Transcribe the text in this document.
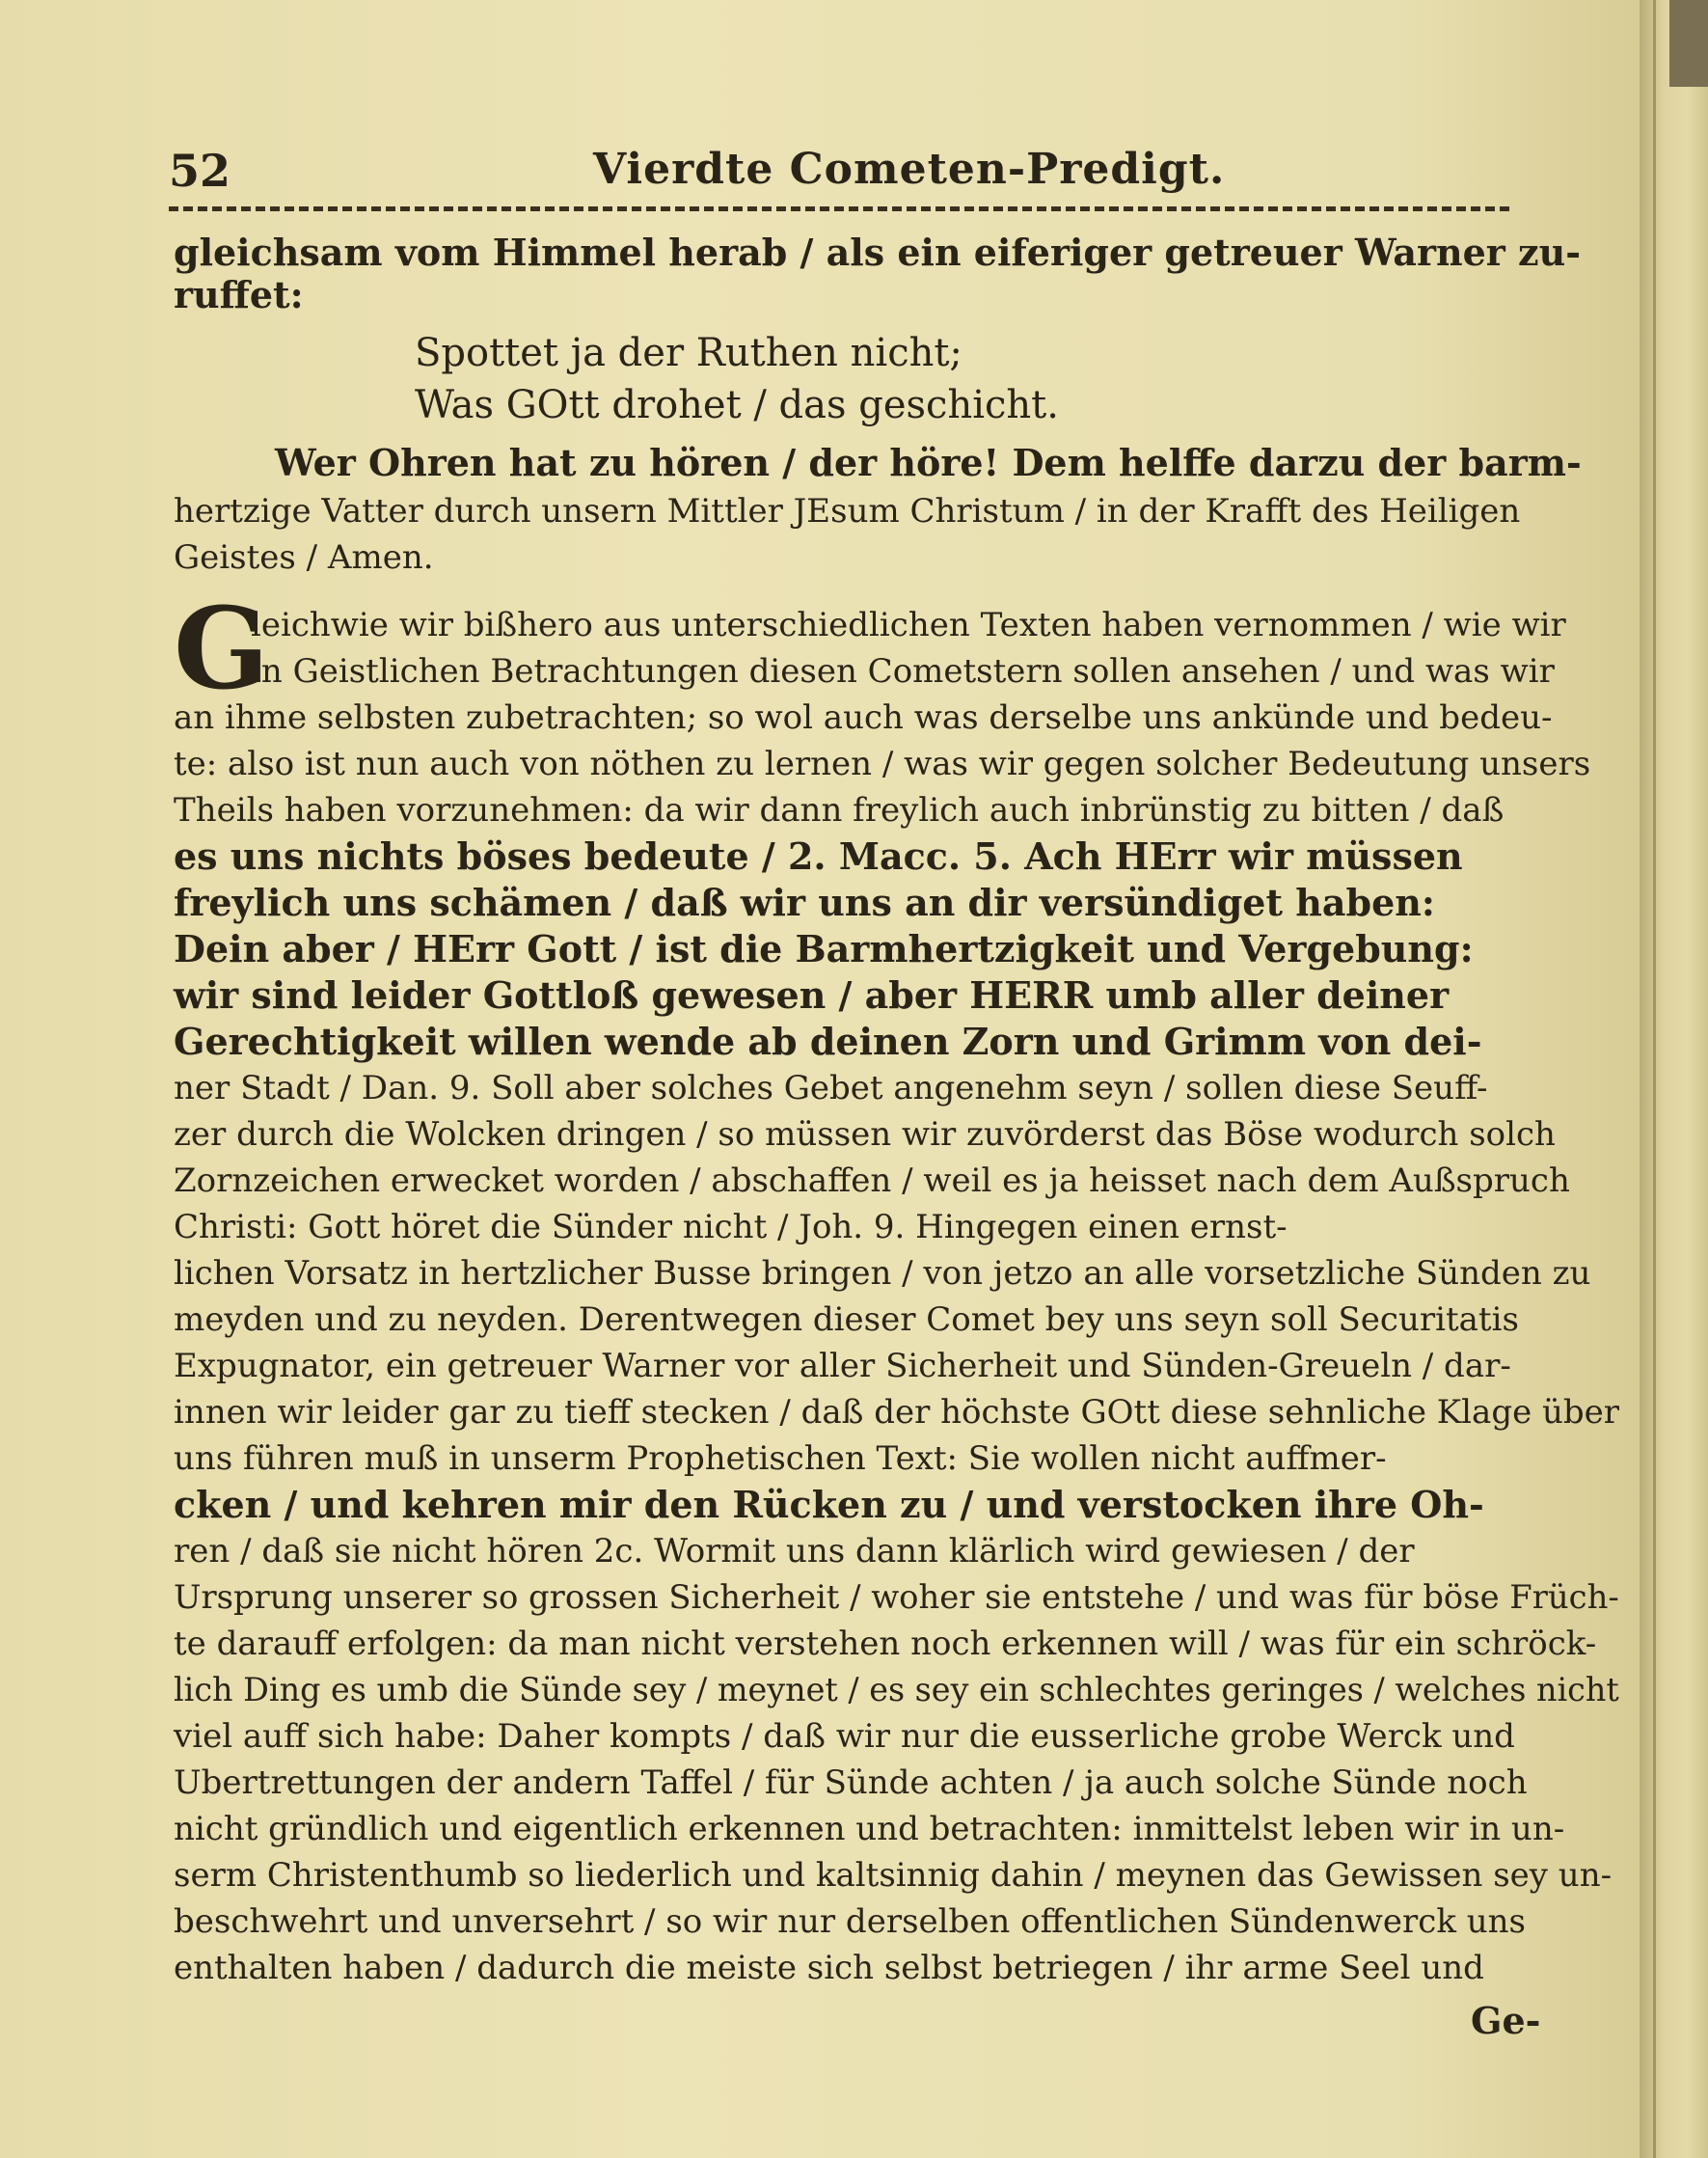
52	Vierdte Cometen-Predigt.
gleichsam vom Himmel herab / als ein eiferiger getreuer Warner zu-
ruffet:
Spottet ja der Ruthen nicht;
Was GOtt drohet / das geschicht.
Wer Ohren hat zu hören / der höre! Dem helffe darzu der barm-
hertzige Vatter durch unsern Mittler JEsum Christum / in der Krafft des Heiligen
Geistes / Amen.
G
leichwie wir bißhero aus unterschiedlichen Texten haben vernommen / wie wir
in Geistlichen Betrachtungen diesen Cometstern sollen ansehen / und was wir
an ihme selbsten zubetrachten; so wol auch was derselbe uns ankünde und bedeu-
te: also ist nun auch von nöthen zu lernen / was wir gegen solcher Bedeutung unsers
Theils haben vorzunehmen: da wir dann freylich auch inbrünstig zu bitten / daß
es uns nichts böses bedeute / 2. Macc. 5. Ach HErr wir müssen
freylich uns schämen / daß wir uns an dir versündiget haben:
Dein aber / HErr Gott / ist die Barmhertzigkeit und Vergebung:
wir sind leider Gottloß gewesen / aber HERR umb aller deiner
Gerechtigkeit willen wende ab deinen Zorn und Grimm von dei-
ner Stadt / Dan. 9. Soll aber solches Gebet angenehm seyn / sollen diese Seuff-
zer durch die Wolcken dringen / so müssen wir zuvörderst das Böse wodurch solch
Zornzeichen erwecket worden / abschaffen / weil es ja heisset nach dem Außspruch
Christi: Gott höret die Sünder nicht / Joh. 9. Hingegen einen ernst-
lichen Vorsatz in hertzlicher Busse bringen / von jetzo an alle vorsetzliche Sünden zu
meyden und zu neyden. Derentwegen dieser Comet bey uns seyn soll Securitatis
Expugnator, ein getreuer Warner vor aller Sicherheit und Sünden-Greueln / dar-
innen wir leider gar zu tieff stecken / daß der höchste GOtt diese sehnliche Klage über
uns führen muß in unserm Prophetischen Text: Sie wollen nicht auffmer-
cken / und kehren mir den Rücken zu / und verstocken ihre Oh-
ren / daß sie nicht hören 2c. Wormit uns dann klärlich wird gewiesen / der
Ursprung unserer so grossen Sicherheit / woher sie entstehe / und was für böse Früch-
te darauff erfolgen: da man nicht verstehen noch erkennen will / was für ein schröck-
lich Ding es umb die Sünde sey / meynet / es sey ein schlechtes geringes / welches nicht
viel auff sich habe: Daher kompts / daß wir nur die eusserliche grobe Werck und
Ubertrettungen der andern Taffel / für Sünde achten / ja auch solche Sünde noch
nicht gründlich und eigentlich erkennen und betrachten: inmittelst leben wir in un-
serm Christenthumb so liederlich und kaltsinnig dahin / meynen das Gewissen sey un-
beschwehrt und unversehrt / so wir nur derselben offentlichen Sündenwerck uns
enthalten haben / dadurch die meiste sich selbst betriegen / ihr arme Seel und
Ge-
